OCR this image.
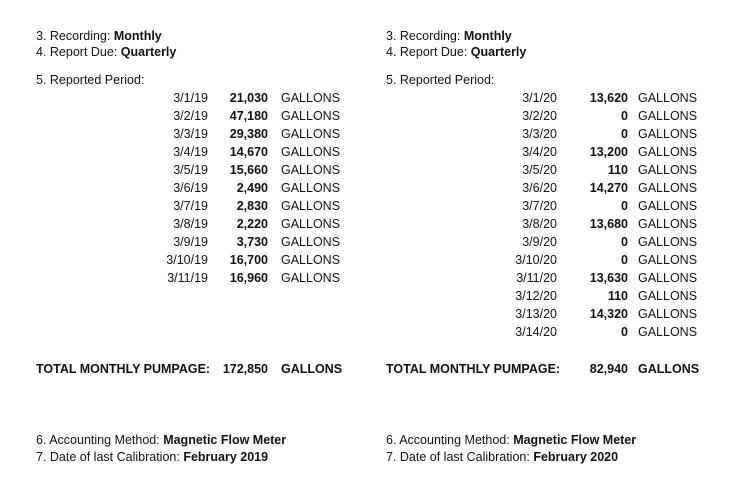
3. Recording: Monthly
4. Report Due: Quarterly
5. Reported Period:
3/1/19	21,030 GALLONS
3/2/19	47,180 GALLONS
3/3/19	29,380 GALLONS
3/4/19	14,670 GALLONS
3/5/19	15,660 GALLONS
3/6/19	2,490 GALLONS
3/7/19	2,830 GALLONS
3/8/19	2,220 GALLONS
3/9/19	3,730 GALLONS
3/10/19	16,700 GALLONS
3/11/19	16,960 GALLONS
TOTAL MONTHLY PUMPAGE:	172,850 GALLONS
6. Accounting Method: Magnetic Flow Meter
7. Date of last Calibration: February 2019
3. Recording: Monthly
4. Report Due: Quarterly
5. Reported Period:
3/1/20	13,620 GALLONS
3/2/20	0 GALLONS
3/3/20	0 GALLONS
3/4/20	13,200 GALLONS
3/5/20	110 GALLONS
3/6/20	14,270 GALLONS
3/7/20	0 GALLONS
3/8/20	13,680 GALLONS
3/9/20	0 GALLONS
3/10/20	0 GALLONS
3/11/20	13,630 GALLONS
3/12/20	110 GALLONS
3/13/20	14,320 GALLONS
3/14/20	0 GALLONS
TOTAL MONTHLY PUMPAGE:	82,940 GALLONS
6. Accounting Method: Magnetic Flow Meter
7. Date of last Calibration: February 2020
